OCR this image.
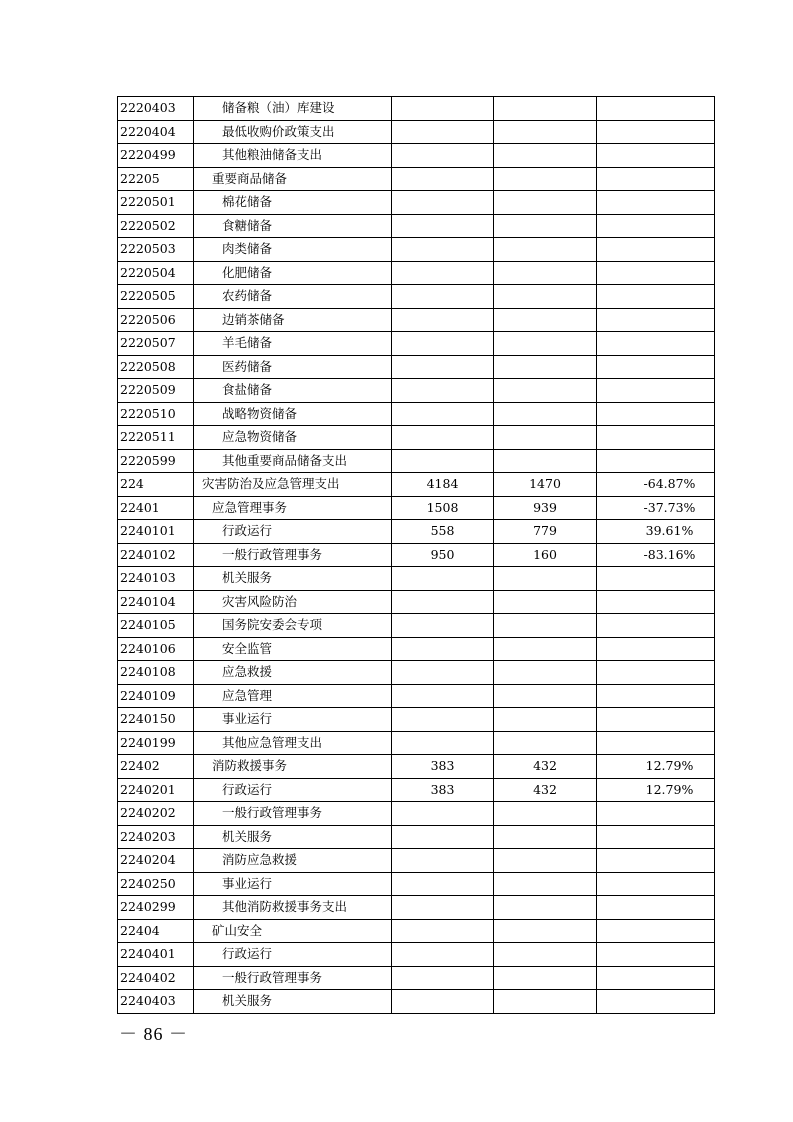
2220403	储备粮（油）库建设			
2220404	最低收购价政策支出			
2220499	其他粮油储备支出			
22205	重要商品储备			
2220501	棉花储备			
2220502	食糖储备			
2220503	肉类储备			
2220504	化肥储备			
2220505	农药储备			
2220506	边销茶储备			
2220507	羊毛储备			
2220508	医药储备			
2220509	食盐储备			
2220510	战略物资储备			
2220511	应急物资储备			
2220599	其他重要商品储备支出			
224	灾害防治及应急管理支出	4184	1470	-64.87%
22401	应急管理事务	1508	939	-37.73%
2240101	行政运行	558	779	39.61%
2240102	一般行政管理事务	950	160	-83.16%
2240103	机关服务			
2240104	灾害风险防治			
2240105	国务院安委会专项			
2240106	安全监管			
2240108	应急救援			
2240109	应急管理			
2240150	事业运行			
2240199	其他应急管理支出			
22402	消防救援事务	383	432	12.79%
2240201	行政运行	383	432	12.79%
2240202	一般行政管理事务			
2240203	机关服务			
2240204	消防应急救援			
2240250	事业运行			
2240299	其他消防救援事务支出			
22404	矿山安全			
2240401	行政运行			
2240402	一般行政管理事务			
2240403	机关服务			
－ 86 －
